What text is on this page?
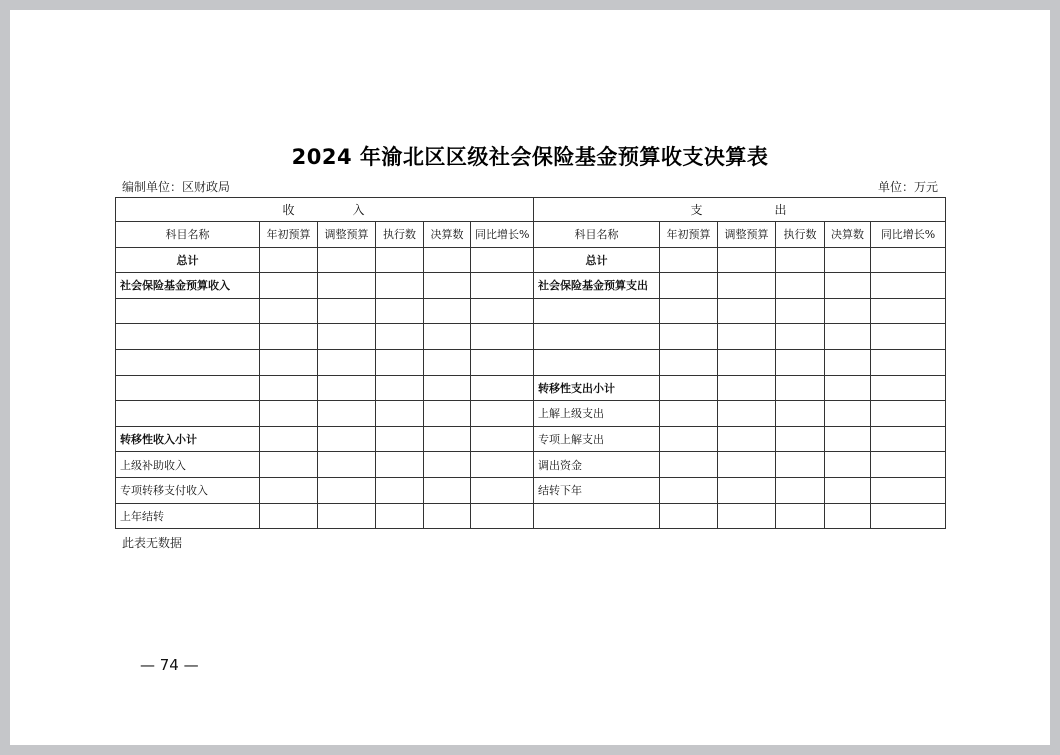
2024 年渝北区区级社会保险基金预算收支决算表
编制单位：区财政局	单位：万元
收　　　　入						支　　　　　出					
科目名称	年初预算	调整预算	执行数	决算数	同比增长%	科目名称	年初预算	调整预算	执行数	决算数	同比增长%
总计						总计					
社会保险基金预算收入						社会保险基金预算支出					

						转移性支出小计					
						上解上级支出					
转移性收入小计						专项上解支出					
上级补助收入						调出资金					
专项转移支付收入						结转下年					
上年结转											
此表无数据
— 74 —
